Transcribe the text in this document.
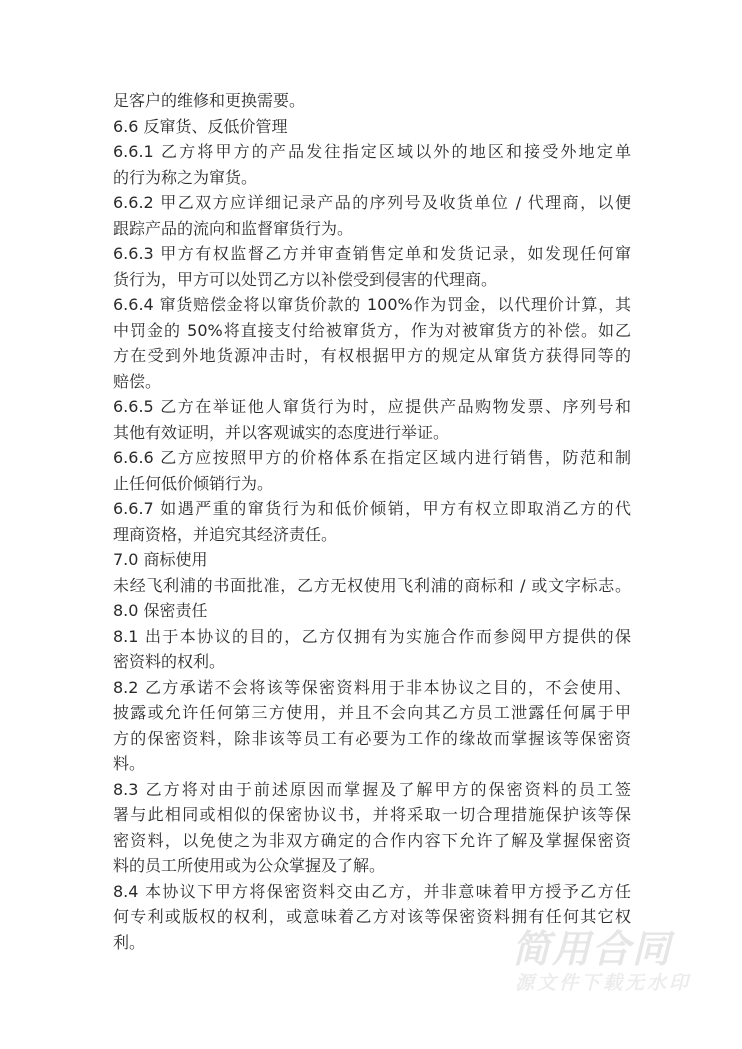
足客户的维修和更换需要。
6.6 反窜货、反低价管理
6.6.1 乙方将甲方的产品发往指定区域以外的地区和接受外地定单
的行为称之为窜货。
6.6.2 甲乙双方应详细记录产品的序列号及收货单位 / 代理商，以便
跟踪产品的流向和监督窜货行为。
6.6.3 甲方有权监督乙方并审查销售定单和发货记录，如发现任何窜
货行为，甲方可以处罚乙方以补偿受到侵害的代理商。
6.6.4 窜货赔偿金将以窜货价款的 100%作为罚金，以代理价计算，其
中罚金的 50%将直接支付给被窜货方，作为对被窜货方的补偿。如乙
方在受到外地货源冲击时，有权根据甲方的规定从窜货方获得同等的
赔偿。
6.6.5 乙方在举证他人窜货行为时，应提供产品购物发票、序列号和
其他有效证明，并以客观诚实的态度进行举证。
6.6.6 乙方应按照甲方的价格体系在指定区域内进行销售，防范和制
止任何低价倾销行为。
6.6.7 如遇严重的窜货行为和低价倾销，甲方有权立即取消乙方的代
理商资格，并追究其经济责任。
7.0 商标使用
未经飞利浦的书面批准，乙方无权使用飞利浦的商标和 / 或文字标志。
8.0 保密责任
8.1 出于本协议的目的，乙方仅拥有为实施合作而参阅甲方提供的保
密资料的权利。
8.2 乙方承诺不会将该等保密资料用于非本协议之目的，不会使用、
披露或允许任何第三方使用，并且不会向其乙方员工泄露任何属于甲
方的保密资料，除非该等员工有必要为工作的缘故而掌握该等保密资
料。
8.3 乙方将对由于前述原因而掌握及了解甲方的保密资料的员工签
署与此相同或相似的保密协议书，并将采取一切合理措施保护该等保
密资料，以免使之为非双方确定的合作内容下允许了解及掌握保密资
料的员工所使用或为公众掌握及了解。
8.4 本协议下甲方将保密资料交由乙方，并非意味着甲方授予乙方任
何专利或版权的权利，或意味着乙方对该等保密资料拥有任何其它权
利。	简用合同
源文件下载无水印
